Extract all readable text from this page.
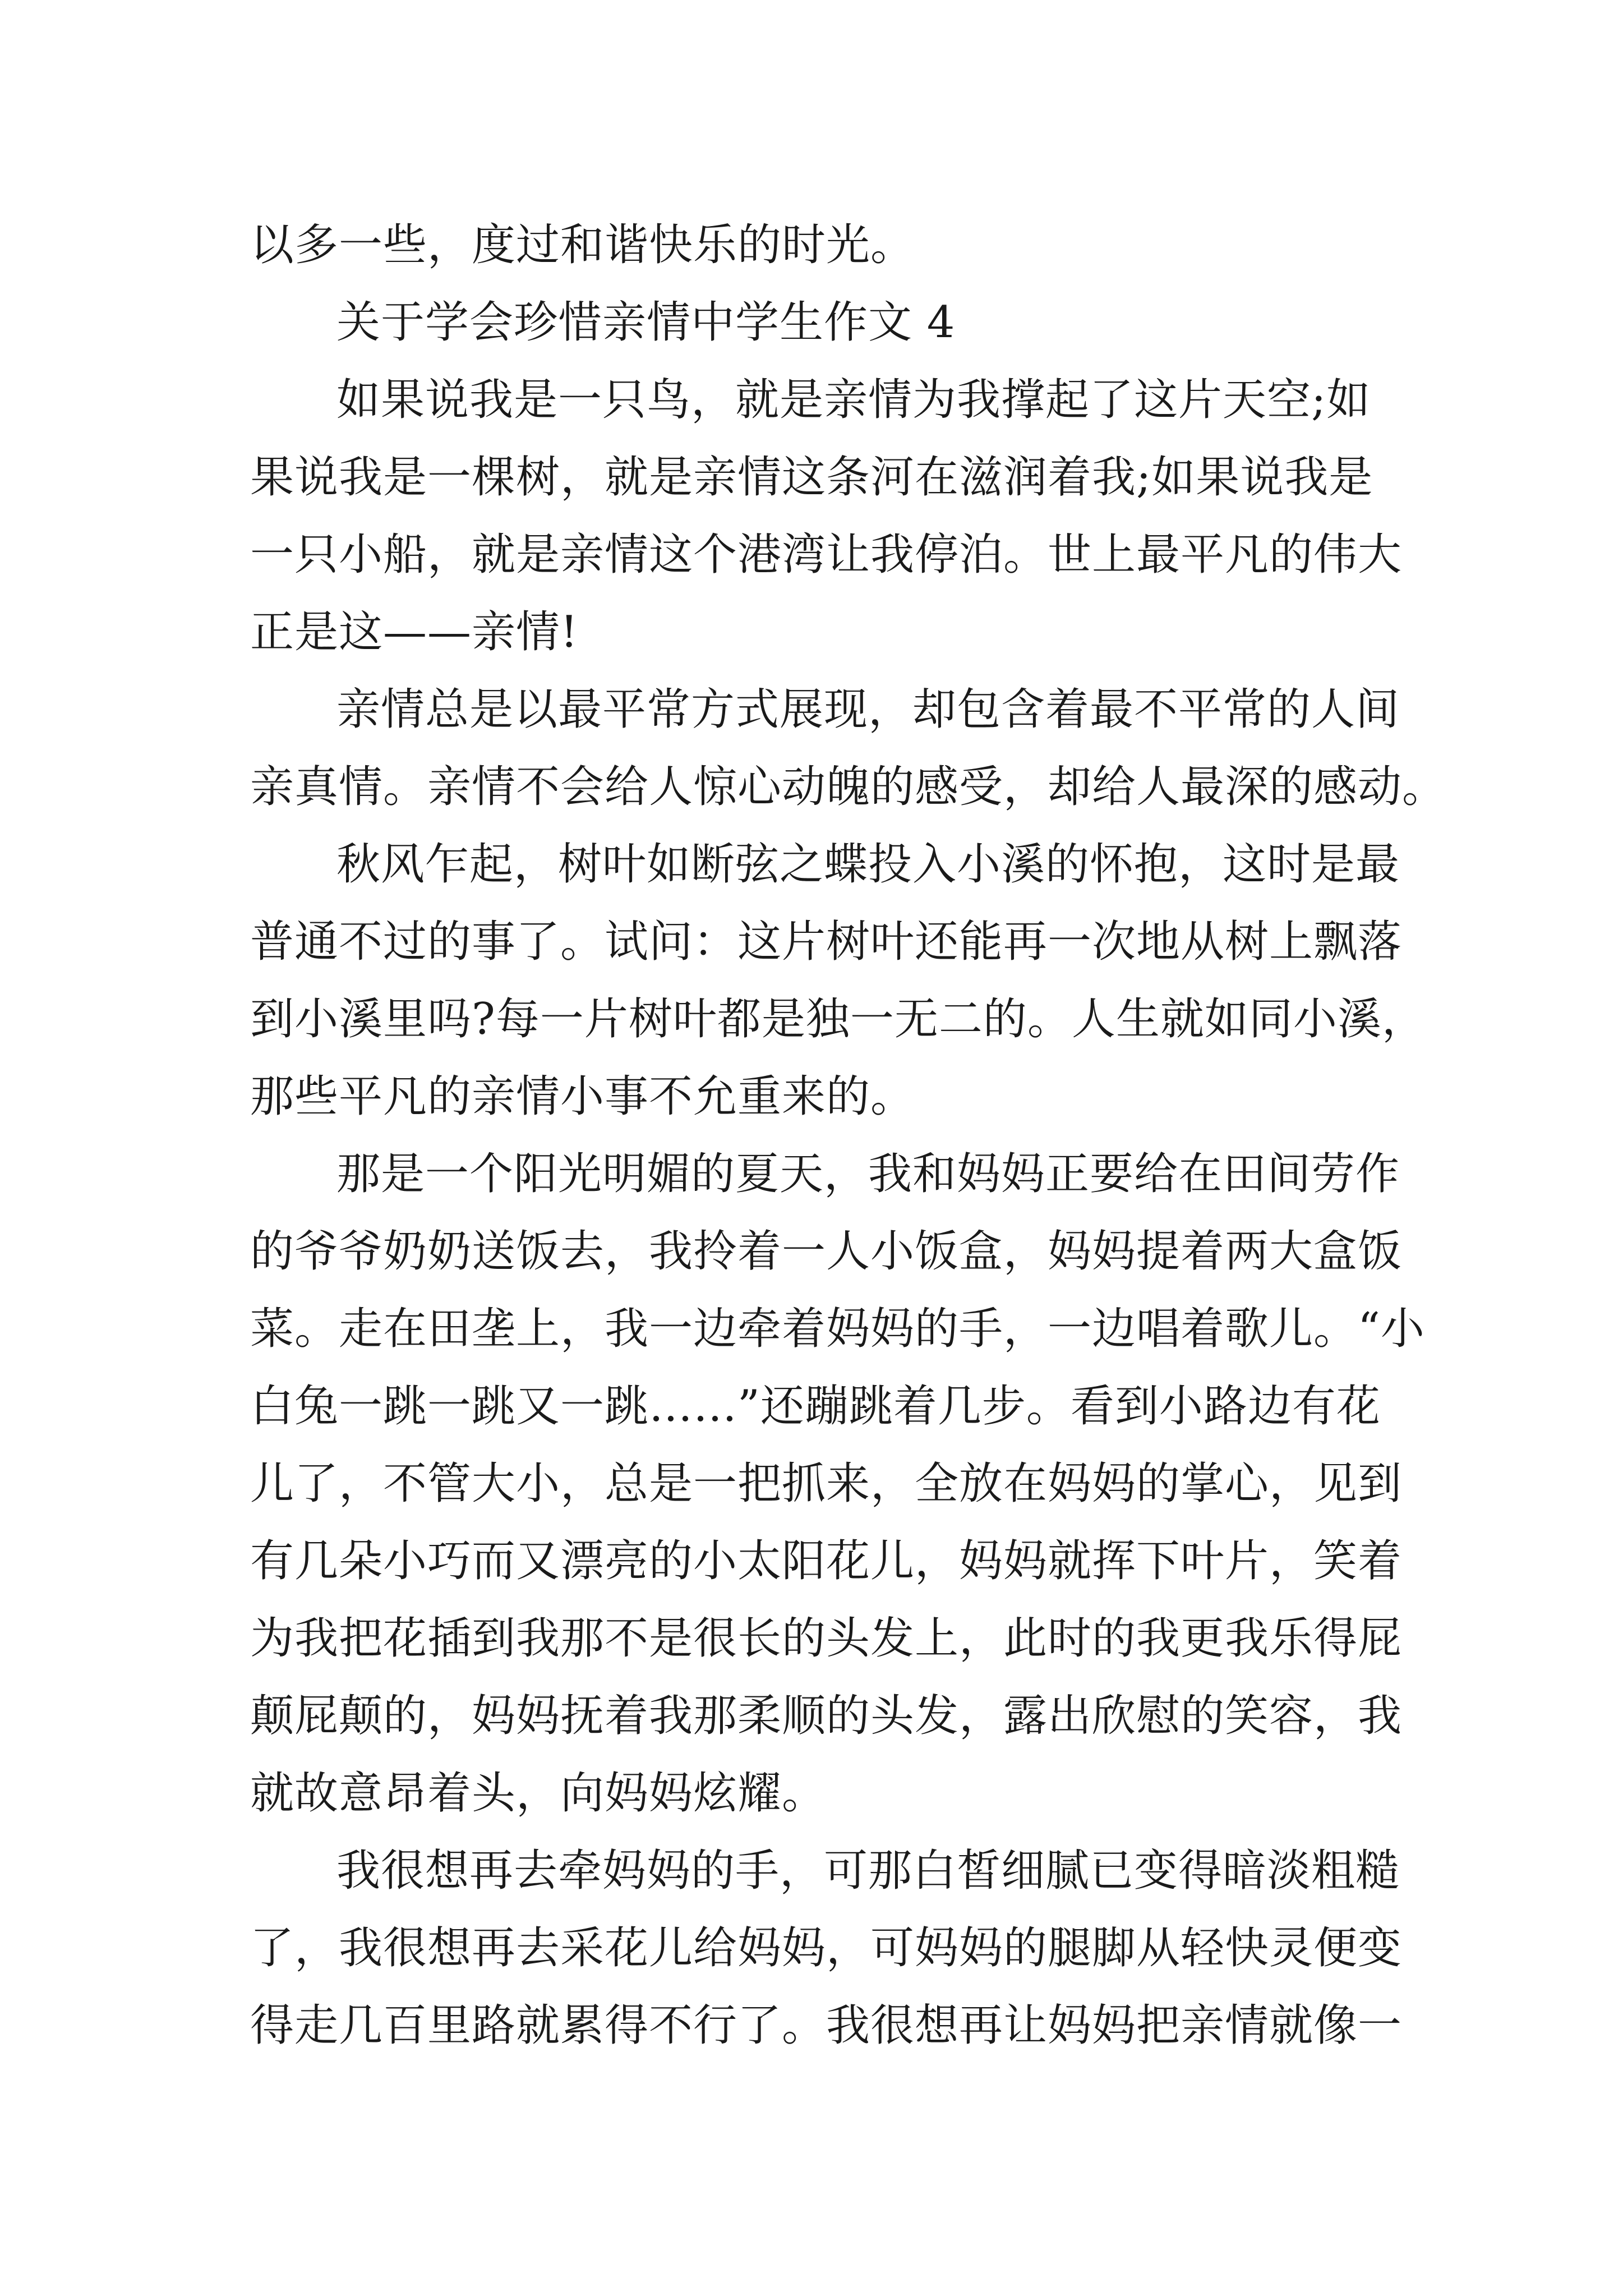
以多一些，度过和谐快乐的时光。
关于学会珍惜亲情中学生作文 4
如果说我是一只鸟，就是亲情为我撑起了这片天空;如
果说我是一棵树，就是亲情这条河在滋润着我;如果说我是
一只小船，就是亲情这个港湾让我停泊。世上最平凡的伟大
正是这——亲情!
亲情总是以最平常方式展现，却包含着最不平常的人间
亲真情。亲情不会给人惊心动魄的感受，却给人最深的感动。
秋风乍起，树叶如断弦之蝶投入小溪的怀抱，这时是最
普通不过的事了。试问：这片树叶还能再一次地从树上飘落
到小溪里吗?每一片树叶都是独一无二的。人生就如同小溪，
那些平凡的亲情小事不允重来的。
那是一个阳光明媚的夏天，我和妈妈正要给在田间劳作
的爷爷奶奶送饭去，我拎着一人小饭盒，妈妈提着两大盒饭
菜。走在田垄上，我一边牵着妈妈的手，一边唱着歌儿。“小
白兔一跳一跳又一跳……”还蹦跳着几步。看到小路边有花
儿了，不管大小，总是一把抓来，全放在妈妈的掌心，见到
有几朵小巧而又漂亮的小太阳花儿，妈妈就挥下叶片，笑着
为我把花插到我那不是很长的头发上，此时的我更我乐得屁
颠屁颠的，妈妈抚着我那柔顺的头发，露出欣慰的笑容，我
就故意昂着头，向妈妈炫耀。
我很想再去牵妈妈的手，可那白皙细腻已变得暗淡粗糙
了，我很想再去采花儿给妈妈，可妈妈的腿脚从轻快灵便变
得走几百里路就累得不行了。我很想再让妈妈把亲情就像一
